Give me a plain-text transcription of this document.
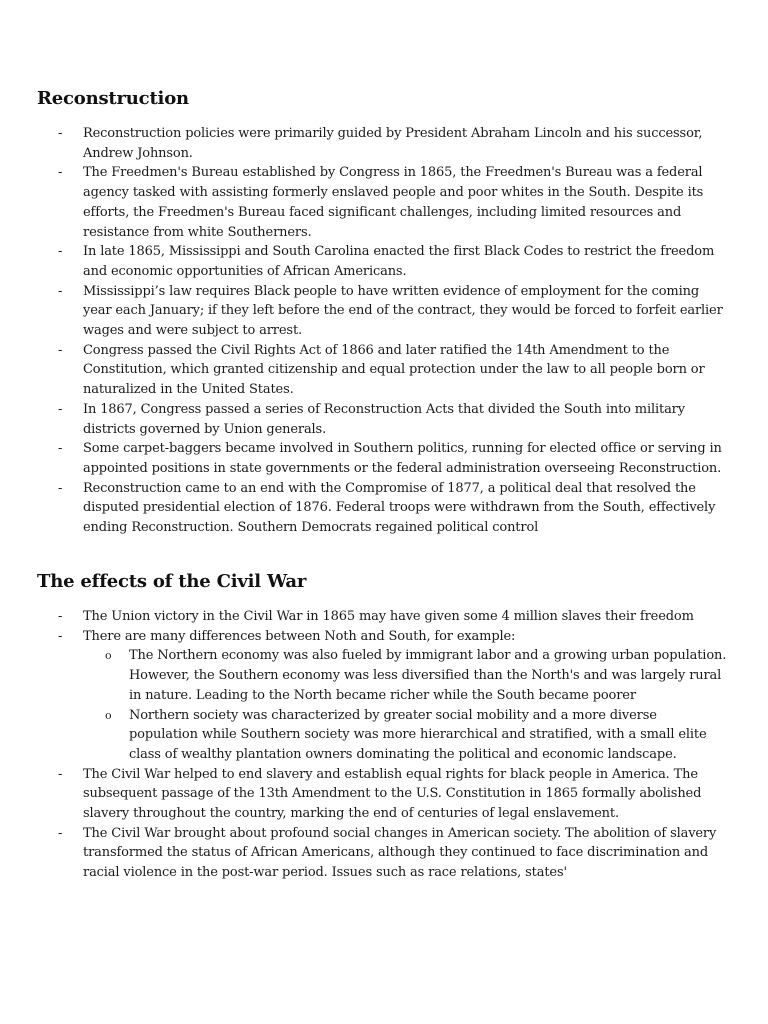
Reconstruction
-	Reconstruction policies were primarily guided by President Abraham Lincoln and his successor, Andrew Johnson.
-	The Freedmen's Bureau established by Congress in 1865, the Freedmen's Bureau was a federal agency tasked with assisting formerly enslaved people and poor whites in the South. Despite its efforts, the Freedmen's Bureau faced significant challenges, including limited resources and resistance from white Southerners.
-	In late 1865, Mississippi and South Carolina enacted the first Black Codes to restrict the freedom and economic opportunities of African Americans.
-	Mississippi’s law requires Black people to have written evidence of employment for the coming year each January; if they left before the end of the contract, they would be forced to forfeit earlier wages and were subject to arrest.
-	Congress passed the Civil Rights Act of 1866 and later ratified the 14th Amendment to the Constitution, which granted citizenship and equal protection under the law to all people born or naturalized in the United States.
-	In 1867, Congress passed a series of Reconstruction Acts that divided the South into military districts governed by Union generals.
-	Some carpet-baggers became involved in Southern politics, running for elected office or serving in appointed positions in state governments or the federal administration overseeing Reconstruction.
-	Reconstruction came to an end with the Compromise of 1877, a political deal that resolved the disputed presidential election of 1876. Federal troops were withdrawn from the South, effectively ending Reconstruction. Southern Democrats regained political control
The effects of the Civil War
-	The Union victory in the Civil War in 1865 may have given some 4 million slaves their freedom
-	There are many differences between Noth and South, for example:
o The Northern economy was also fueled by immigrant labor and a growing urban population. However, the Southern economy was less diversified than the North's and was largely rural in nature. Leading to the North became richer while the South became poorer
o Northern society was characterized by greater social mobility and a more diverse population while Southern society was more hierarchical and stratified, with a small elite class of wealthy plantation owners dominating the political and economic landscape.
-	The Civil War helped to end slavery and establish equal rights for black people in America. The subsequent passage of the 13th Amendment to the U.S. Constitution in 1865 formally abolished slavery throughout the country, marking the end of centuries of legal enslavement.
-	The Civil War brought about profound social changes in American society. The abolition of slavery transformed the status of African Americans, although they continued to face discrimination and racial violence in the post-war period. Issues such as race relations, states'
